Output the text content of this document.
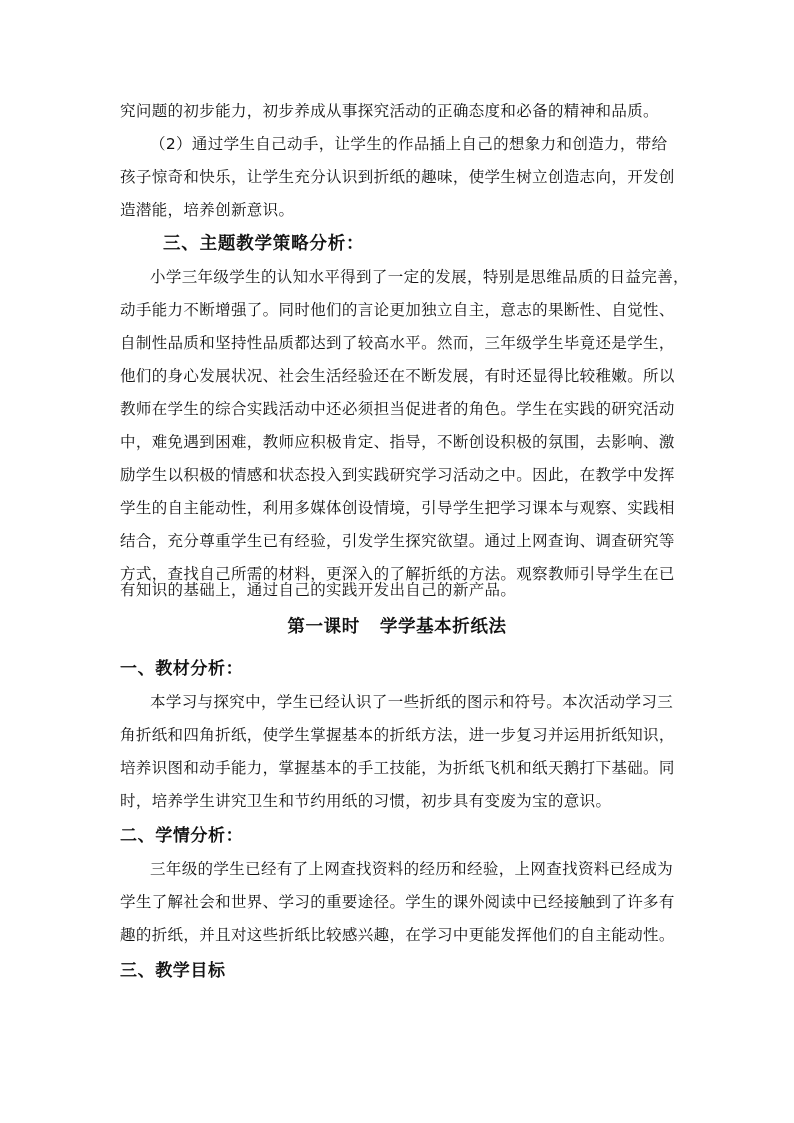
究问题的初步能力，初步养成从事探究活动的正确态度和必备的精神和品质。
（2）通过学生自己动手，让学生的作品插上自己的想象力和创造力，带给
孩子惊奇和快乐，让学生充分认识到折纸的趣味，使学生树立创造志向，开发创
造潜能，培养创新意识。
三、主题教学策略分析：
小学三年级学生的认知水平得到了一定的发展，特别是思维品质的日益完善，
动手能力不断增强了。同时他们的言论更加独立自主，意志的果断性、自觉性、
自制性品质和坚持性品质都达到了较高水平。然而，三年级学生毕竟还是学生，
他们的身心发展状况、社会生活经验还在不断发展，有时还显得比较稚嫩。所以
教师在学生的综合实践活动中还必须担当促进者的角色。学生在实践的研究活动
中，难免遇到困难，教师应积极肯定、指导，不断创设积极的氛围，去影响、激
励学生以积极的情感和状态投入到实践研究学习活动之中。因此，在教学中发挥
学生的自主能动性，利用多媒体创设情境，引导学生把学习课本与观察、实践相
结合，充分尊重学生已有经验，引发学生探究欲望。通过上网查询、调查研究等
方式，查找自己所需的材料，更深入的了解折纸的方法。观察教师引导学生在已
有知识的基础上，通过自己的实践开发出自己的新产品。
第一课时   学学基本折纸法
一、教材分析：
本学习与探究中，学生已经认识了一些折纸的图示和符号。本次活动学习三
角折纸和四角折纸，使学生掌握基本的折纸方法，进一步复习并运用折纸知识，
培养识图和动手能力，掌握基本的手工技能，为折纸飞机和纸天鹅打下基础。同
时，培养学生讲究卫生和节约用纸的习惯，初步具有变废为宝的意识。
二、学情分析：
三年级的学生已经有了上网查找资料的经历和经验，上网查找资料已经成为
学生了解社会和世界、学习的重要途径。学生的课外阅读中已经接触到了许多有
趣的折纸，并且对这些折纸比较感兴趣，在学习中更能发挥他们的自主能动性。
三、教学目标
